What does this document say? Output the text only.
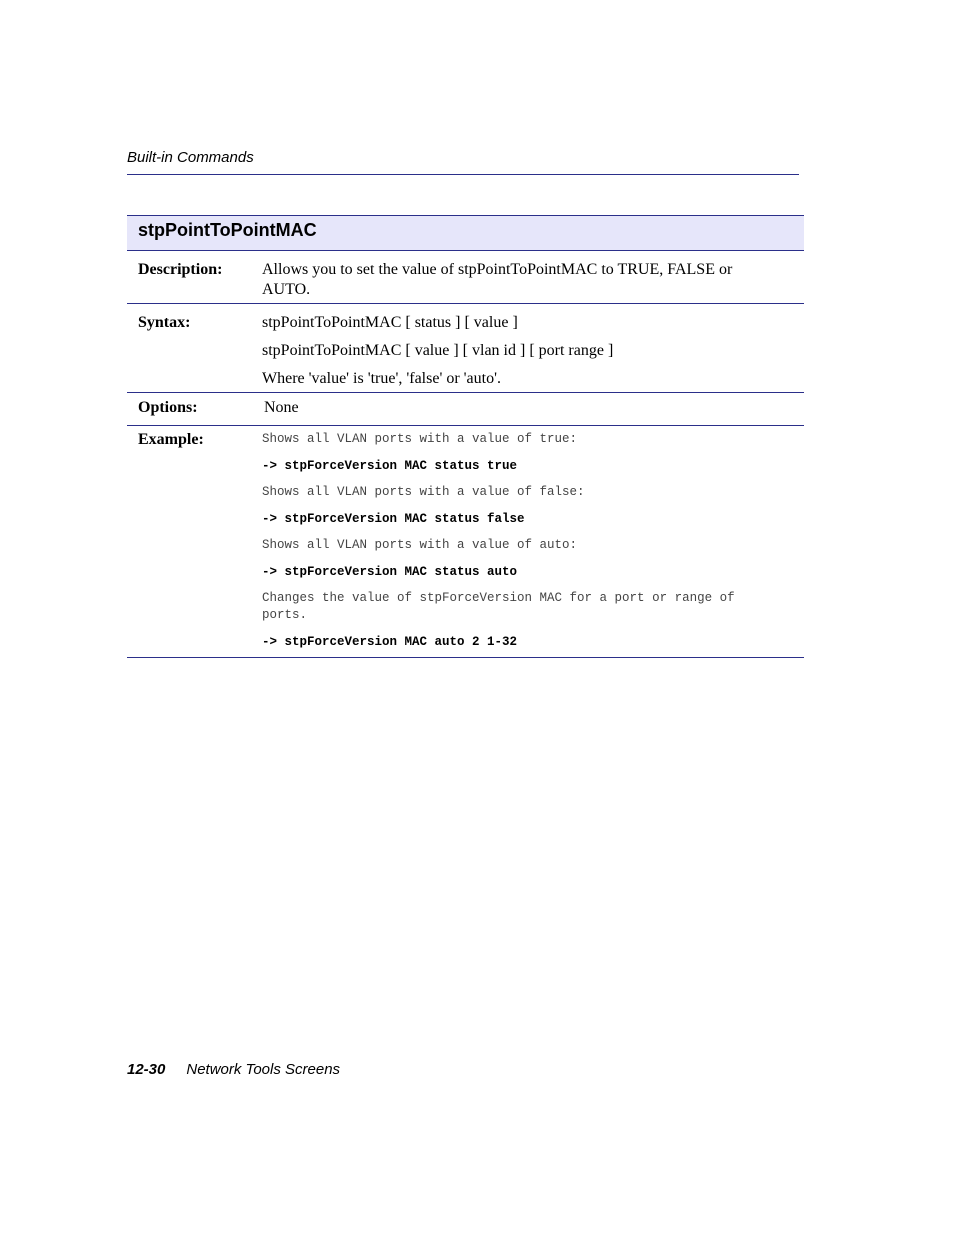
Built-in Commands
stpPointToPointMAC
Description: Allows you to set the value of stpPointToPointMAC to TRUE, FALSE or
AUTO.
Syntax:	stpPointToPointMAC [ status ] [ value ]
stpPointToPointMAC [ value ] [ vlan id ] [ port range ]
Where 'value' is 'true', 'false' or 'auto'.
Options:	None
Example:	Shows all VLAN ports with a value of true:
-> stpForceVersion MAC status true
Shows all VLAN ports with a value of false:
-> stpForceVersion MAC status false
Shows all VLAN ports with a value of auto:
-> stpForceVersion MAC status auto
Changes the value of stpForceVersion MAC for a port or range of
ports.
-> stpForceVersion MAC auto 2 1-32
12-30 Network Tools Screens
